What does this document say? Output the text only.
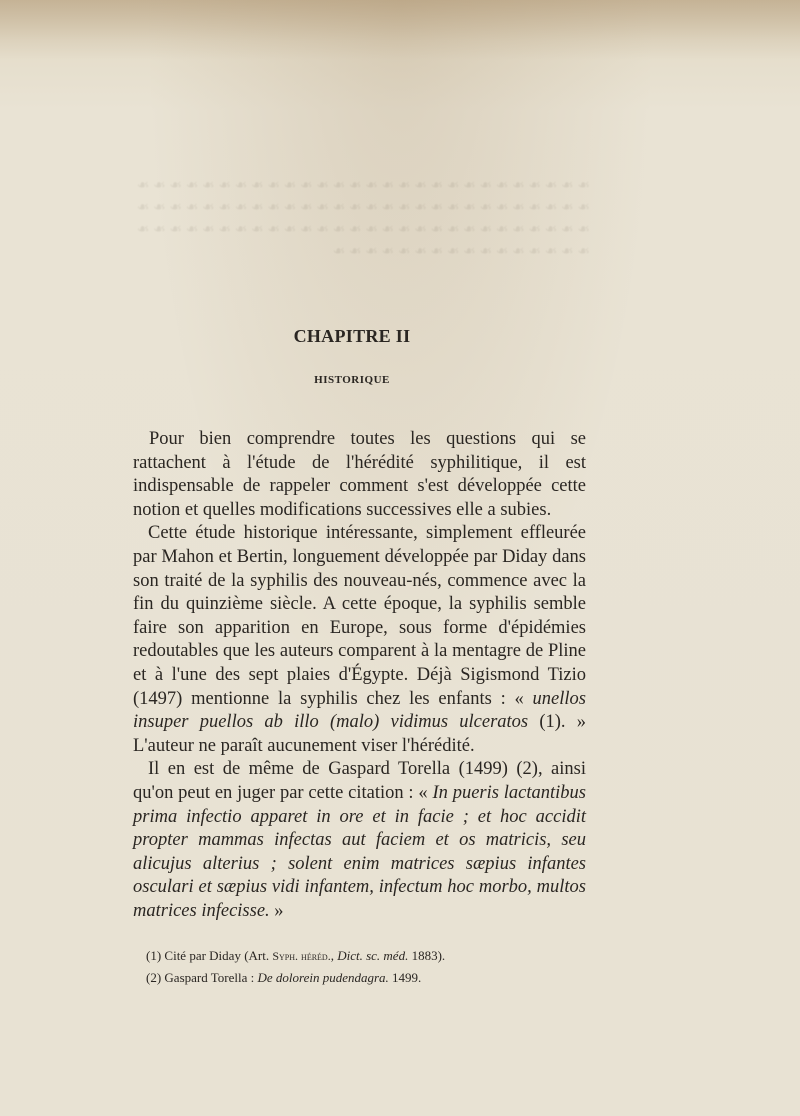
❧ ❧ ❧ ❧ ❧ ❧ ❧ ❧ ❧ ❧ ❧ ❧ ❧ ❧ ❧ ❧ ❧ ❧ ❧ ❧ ❧ ❧ ❧ ❧ ❧ ❧ ❧ ❧ ❧ ❧ ❧ ❧ ❧ ❧ ❧ ❧ ❧ ❧ ❧ ❧ ❧ ❧ ❧ ❧ ❧ ❧ ❧ ❧ ❧ ❧ ❧ ❧ ❧ ❧ ❧ ❧ ❧ ❧ ❧ ❧ ❧ ❧ ❧ ❧ ❧ ❧ ❧ ❧ ❧ ❧ ❧ ❧ ❧ ❧ ❧ ❧ ❧ ❧ ❧ ❧ ❧ ❧ ❧ ❧ ❧ ❧ ❧ ❧ ❧ ❧ ❧ ❧ ❧ ❧ ❧ ❧ ❧ ❧ ❧ ❧
CHAPITRE II
HISTORIQUE

Pour bien comprendre toutes les questions qui se rattachent à l'étude de l'hérédité syphilitique, il est indispensable de rappeler comment s'est développée cette notion et quelles modifications successives elle a subies.

Cette étude historique intéressante, simplement effleurée par Mahon et Bertin, longuement développée par Diday dans son traité de la syphilis des nouveau-nés, commence avec la fin du quinzième siècle. A cette époque, la syphilis semble faire son apparition en Europe, sous forme d'épidémies redoutables que les auteurs comparent à la mentagre de Pline et à l'une des sept plaies d'Égypte. Déjà Sigismond Tizio (1497) mentionne la syphilis chez les enfants : « unellos insuper puellos ab illo (malo) vidimus ulceratos (1). » L'auteur ne paraît aucunement viser l'hérédité.

Il en est de même de Gaspard Torella (1499) (2), ainsi qu'on peut en juger par cette citation : « In pueris lactantibus prima infectio apparet in ore et in facie ; et hoc accidit propter mammas infectas aut faciem et os matricis, seu alicujus alterius ; solent enim matrices sæpius infantes osculari et sæpius vidi infantem, infectum hoc morbo, multos matrices infecisse. »

(1) Cité par Diday (Art. Syph. héréd., Dict. sc. méd. 1883).
(2) Gaspard Torella : De dolorein pudendagra. 1499.
